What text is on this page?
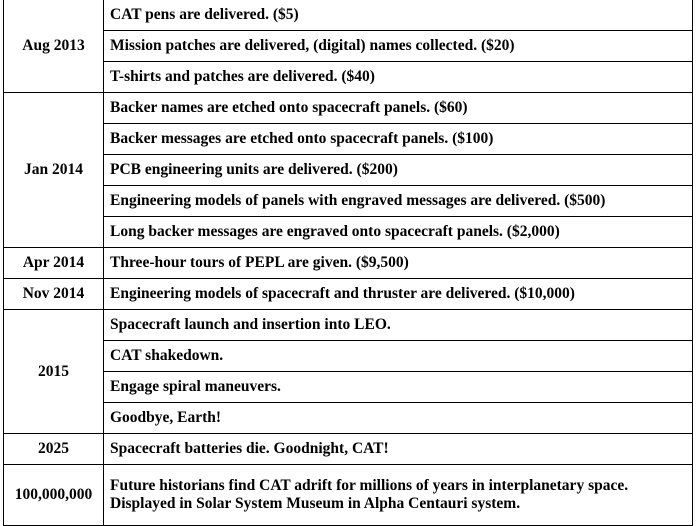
Aug 2013	CAT pens are delivered. ($5)
	Mission patches are delivered, (digital) names collected. ($20)
	T-shirts and patches are delivered. ($40)
Jan 2014	Backer names are etched onto spacecraft panels. ($60)
	Backer messages are etched onto spacecraft panels. ($100)
	PCB engineering units are delivered. ($200)
	Engineering models of panels with engraved messages are delivered. ($500)
	Long backer messages are engraved onto spacecraft panels. ($2,000)
Apr 2014	Three-hour tours of PEPL are given. ($9,500)
Nov 2014	Engineering models of spacecraft and thruster are delivered. ($10,000)
2015	Spacecraft launch and insertion into LEO.
	CAT shakedown.
	Engage spiral maneuvers.
	Goodbye, Earth!
2025	Spacecraft batteries die. Goodnight, CAT!
100,000,000	Future historians find CAT adrift for millions of years in interplanetary space. Displayed in Solar System Museum in Alpha Centauri system.
